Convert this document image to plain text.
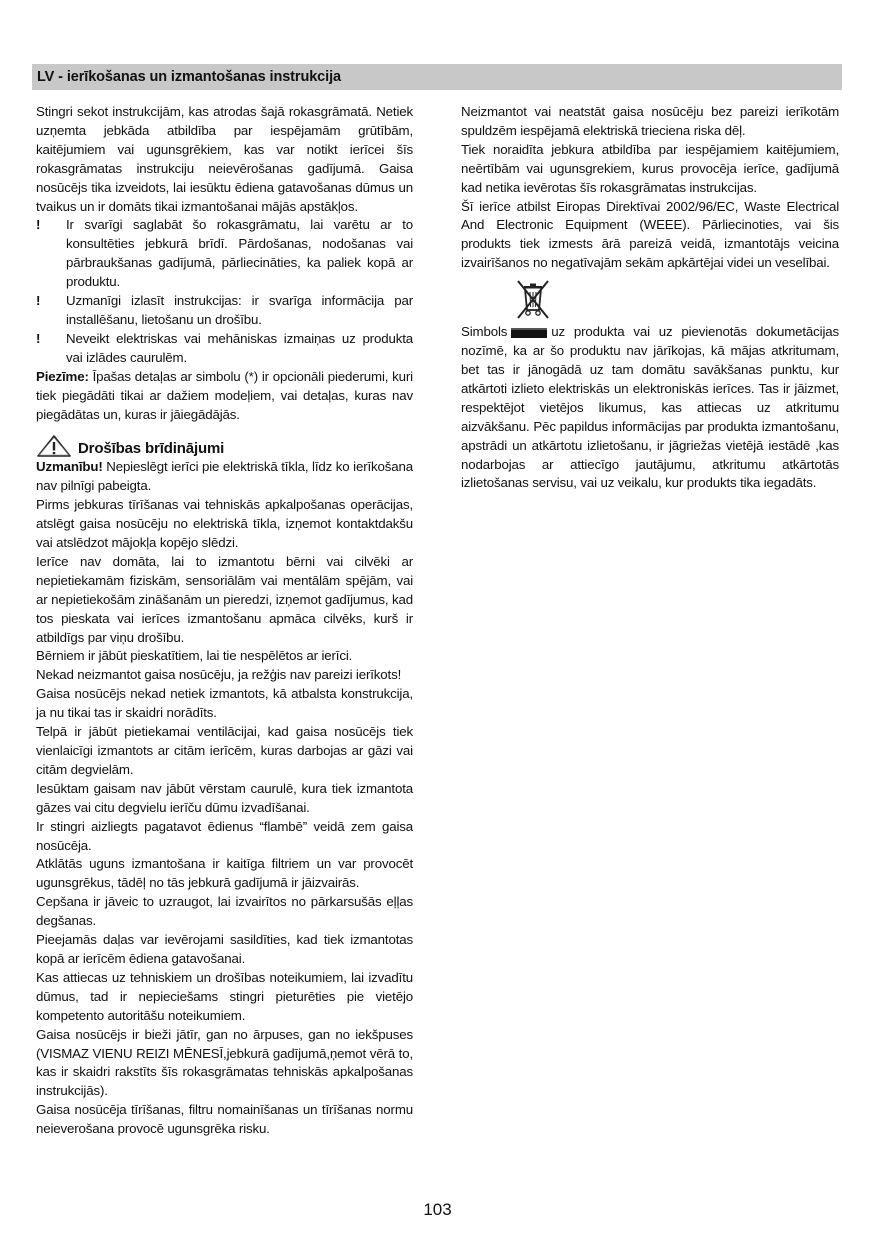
LV - ierīkošanas un izmantošanas instrukcija

Stingri sekot instrukcijām, kas atrodas šajā rokasgrāmatā. Netiek uzņemta jebkāda atbildība par iespējamām grūtībām, kaitējumiem vai ugunsgrēkiem, kas var notikt ierīcei šīs rokasgrāmatas instrukciju neievērošanas gadījumā. Gaisa nosūcējs tika izveidots, lai iesūktu ēdiena gatavošanas dūmus un tvaikus un ir domāts tikai izmantošanai mājās apstākļos.

!	Ir svarīgi saglabāt šo rokasgrāmatu, lai varētu ar to konsultēties jebkurā brīdī. Pārdošanas, nodošanas vai pārbraukšanas gadījumā, pārliecināties, ka paliek kopā ar produktu.
!	Uzmanīgi izlasīt instrukcijas: ir svarīga informācija par installēšanu, lietošanu un drošību.
!	Neveikt elektriskas vai mehāniskas izmaiņas uz produkta vai izlādes caurulēm.

Piezīme: Īpašas detaļas ar simbolu (*) ir opcionāli piederumi, kuri tiek piegādāti tikai ar dažiem modeļiem, vai detaļas, kuras nav piegādātas un, kuras ir jāiegādājās.

Drošības brīdinājumi

Uzmanību! Nepieslēgt ierīci pie elektriskā tīkla, līdz ko ierīkošana nav pilnīgi pabeigta.

Pirms jebkuras tīrīšanas vai tehniskās apkalpošanas operācijas, atslēgt gaisa nosūcēju no elektriskā tīkla, izņemot kontaktdakšu vai atslēdzot mājokļa kopējo slēdzi.

Ierīce nav domāta, lai to izmantotu bērni vai cilvēki ar nepietiekamām fiziskām, sensoriālām vai mentālām spējām, vai ar nepietiekošām zināšanām un pieredzi, izņemot gadījumus, kad tos pieskata vai ierīces izmantošanu apmāca cilvēks, kurš ir atbildīgs par viņu drošību.

Bērniem ir jābūt pieskatītiem, lai tie nespēlētos ar ierīci.

Nekad neizmantot gaisa nosūcēju, ja režģis nav pareizi ierīkots!

Gaisa nosūcējs nekad netiek izmantots, kā atbalsta konstrukcija, ja nu tikai tas ir skaidri norādīts.

Telpā ir jābūt pietiekamai ventilācijai, kad gaisa nosūcējs tiek vienlaicīgi izmantots ar citām ierīcēm, kuras darbojas ar gāzi vai citām degvielām.

Iesūktam gaisam nav jābūt vērstam caurulē, kura tiek izmantota gāzes vai citu degvielu ierīču dūmu izvadīšanai.

Ir stingri aizliegts pagatavot ēdienus “flambē” veidā zem gaisa nosūcēja.

Atklātās uguns izmantošana ir kaitīga filtriem un var provocēt ugunsgrēkus, tādēļ no tās jebkurā gadījumā ir jāizvairās.

Cepšana ir jāveic to uzraugot, lai izvairītos no pārkarsušās eļļas degšanas.

Pieejamās daļas var ievērojami sasildīties, kad tiek izmantotas kopā ar ierīcēm ēdiena gatavošanai.

Kas attiecas uz tehniskiem un drošības noteikumiem, lai izvadītu dūmus, tad ir nepieciešams stingri pieturēties pie vietējo kompetento autoritāšu noteikumiem.

Gaisa nosūcējs ir bieži jātīr, gan no ārpuses, gan no iekšpuses (VISMAZ VIENU REIZI MĒNESĪ,jebkurā gadījumā,ņemot vērā to, kas ir skaidri rakstīts šīs rokasgrāmatas tehniskās apkalpošanas instrukcijās).

Gaisa nosūcēja tīrīšanas, filtru nomainīšanas un tīrīšanas normu neieverošana provocē ugunsgrēka risku.

Neizmantot vai neatstāt gaisa nosūcēju bez pareizi ierīkotām spuldzēm iespējamā elektriskā trieciena riska dēļ.

Tiek noraidīta jebkura atbildība par iespējamiem kaitējumiem, neērtībām vai ugunsgrekiem, kurus provocēja ierīce, gadījumā kad netika ievērotas šīs rokasgrāmatas instrukcijas.

Šī ierīce atbilst Eiropas Direktīvai 2002/96/EC, Waste Electrical And Electronic Equipment (WEEE). Pārliecinoties, vai šis produkts tiek izmests ārā pareizā veidā, izmantotājs veicina izvairīšanos no negatīvajām sekām apkārtējai videi un veselībai.

Simbols	uz produkta vai uz pievienotās dokumetācijas nozīmē, ka ar šo produktu nav jārīkojas, kā mājas atkritumam, bet tas ir jānogādā uz tam domātu savākšanas punktu, kur atkārtoti izlieto elektriskās un elektroniskās ierīces. Tas ir jāizmet, respektējot vietējos likumus, kas attiecas uz atkritumu aizvākšanu. Pēc papildus informācijas par produkta izmantošanu, apstrādi un atkārtotu izlietošanu, ir jāgriežas vietējā iestādē ,kas nodarbojas ar attiecīgo jautājumu, atkritumu atkārtotās izlietošanas servisu, vai uz veikalu, kur produkts tika iegadāts.

103
